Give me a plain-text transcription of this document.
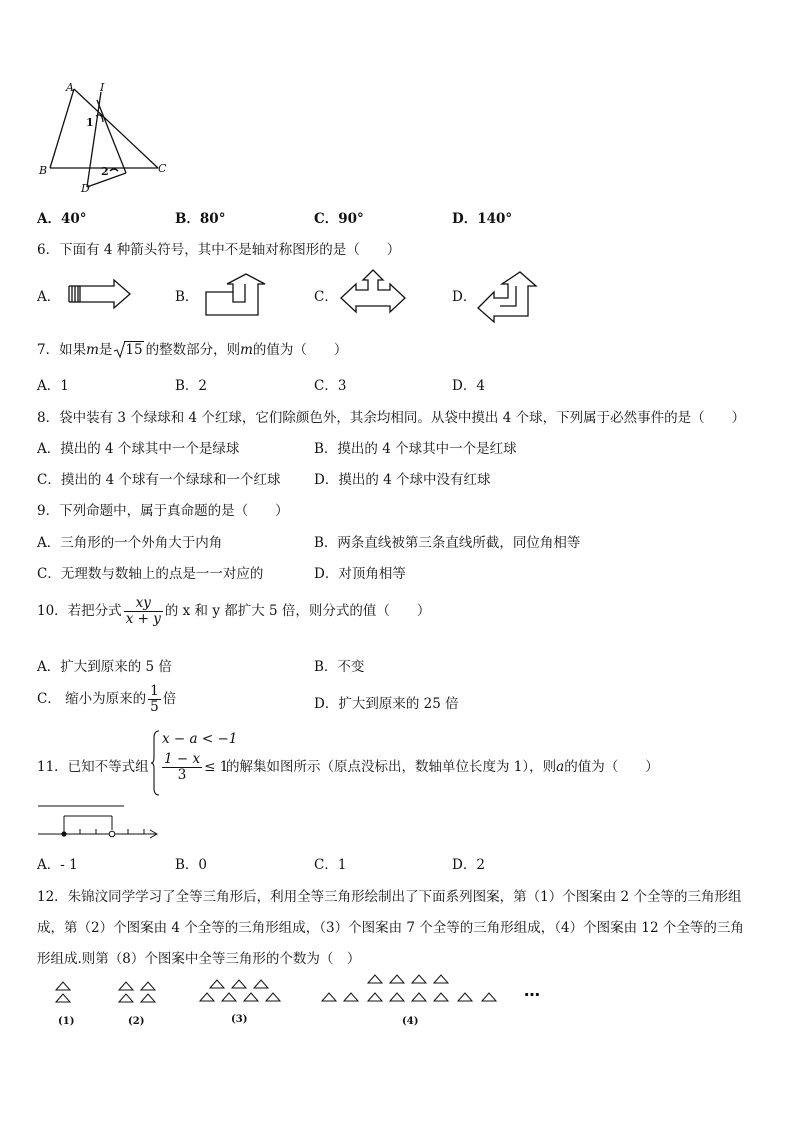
A I
1
B	C
D
2
A．40°	B．80°	C．90°	D．140°
6．下面有 4 种箭头符号，其中不是轴对称图形的是（　　）
A．	B．	C．	D．
7．如果m是 15 的整数部分，则m的值为（　　）
A．1	B．2	C．3	D．4
8．袋中装有 3 个绿球和 4 个红球，它们除颜色外，其余均相同。从袋中摸出 4 个球，下列属于必然事件的是（　　）
A．摸出的 4 个球其中一个是绿球	B．摸出的 4 个球其中一个是红球
C．摸出的 4 个球有一个绿球和一个红球 D．摸出的 4 个球中没有红球
9．下列命题中，属于真命题的是（　　）
A．三角形的一个外角大于内角	B．两条直线被第三条直线所截，同位角相等
C．无理数与数轴上的点是一一对应的	D．对顶角相等
10．若把分式 $\frac{xy}{x + y}$ 的 x 和 y 都扩大 5 倍，则分式的值（　　）
A．扩大到原来的 5 倍	B．不变
C． 缩小为原来的 $\frac{1}{5}$ 倍	D．扩大到原来的 25 倍
11．已知不等式组
x − a < −1
$\frac{1 - x}{3} \le 1$
的解集如图所示（原点没标出，数轴单位长度为 1），则a的值为（　　）
A．- 1	B．0	C．1	D．2
12．朱锦汶同学学习了全等三角形后，利用全等三角形绘制出了下面系列图案，第（1）个图案由 2 个全等的三角形组
成，第（2）个图案由 4 个全等的三角形组成，（3）个图案由 7 个全等的三角形组成，（4）个图案由 12 个全等的三角
形组成.则第（8）个图案中全等三角形的个数为（　）
(1)	(2)	(3)	(4)
…
